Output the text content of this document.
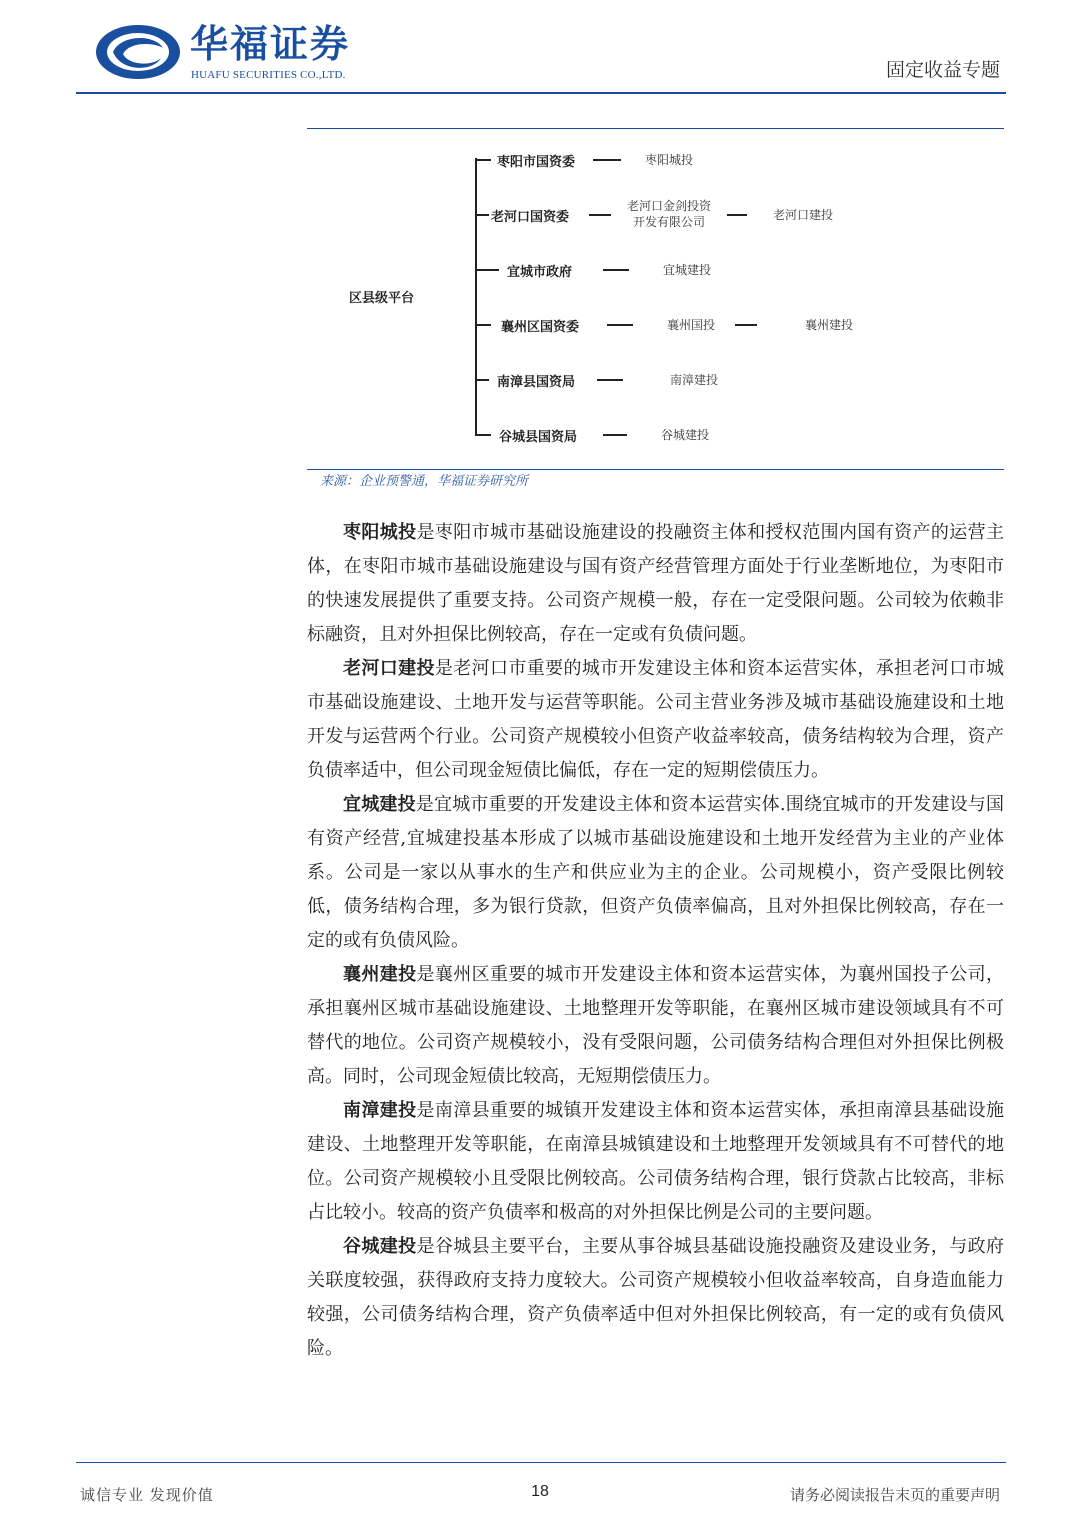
华福证券
HUAFU SECURITIES CO.,LTD.	固定收益专题
区县级平台
枣阳市国资委	枣阳城投
老河口国资委
老河口金剑投资
开发有限公司	老河口建投
宜城市政府	宜城建投
襄州区国资委	襄州国投	襄州建投
南漳县国资局	南漳建投
谷城县国资局	谷城建投
来源：企业预警通，华福证券研究所

枣阳城投是枣阳市城市基础设施建设的投融资主体和授权范围内国有资产的运营主体，在枣阳市城市基础设施建设与国有资产经营管理方面处于行业垄断地位，为枣阳市的快速发展提供了重要支持。公司资产规模一般，存在一定受限问题。公司较为依赖非标融资，且对外担保比例较高，存在一定或有负债问题。

老河口建投是老河口市重要的城市开发建设主体和资本运营实体，承担老河口市城市基础设施建设、土地开发与运营等职能。公司主营业务涉及城市基础设施建设和土地开发与运营两个行业。公司资产规模较小但资产收益率较高，债务结构较为合理，资产负债率适中，但公司现金短债比偏低，存在一定的短期偿债压力。

宜城建投是宜城市重要的开发建设主体和资本运营实体.围绕宜城市的开发建设与国有资产经营,宜城建投基本形成了以城市基础设施建设和土地开发经营为主业的产业体系。公司是一家以从事水的生产和供应业为主的企业。公司规模小，资产受限比例较低，债务结构合理，多为银行贷款，但资产负债率偏高，且对外担保比例较高，存在一定的或有负债风险。

襄州建投是襄州区重要的城市开发建设主体和资本运营实体，为襄州国投子公司，承担襄州区城市基础设施建设、土地整理开发等职能，在襄州区城市建设领域具有不可替代的地位。公司资产规模较小，没有受限问题，公司债务结构合理但对外担保比例极高。同时，公司现金短债比较高，无短期偿债压力。

南漳建投是南漳县重要的城镇开发建设主体和资本运营实体，承担南漳县基础设施建设、土地整理开发等职能，在南漳县城镇建设和土地整理开发领域具有不可替代的地位。公司资产规模较小且受限比例较高。公司债务结构合理，银行贷款占比较高，非标占比较小。较高的资产负债率和极高的对外担保比例是公司的主要问题。

谷城建投是谷城县主要平台，主要从事谷城县基础设施投融资及建设业务，与政府关联度较强，获得政府支持力度较大。公司资产规模较小但收益率较高，自身造血能力较强，公司债务结构合理，资产负债率适中但对外担保比例较高，有一定的或有负债风险。

诚信专业 发现价值	18	请务必阅读报告末页的重要声明
